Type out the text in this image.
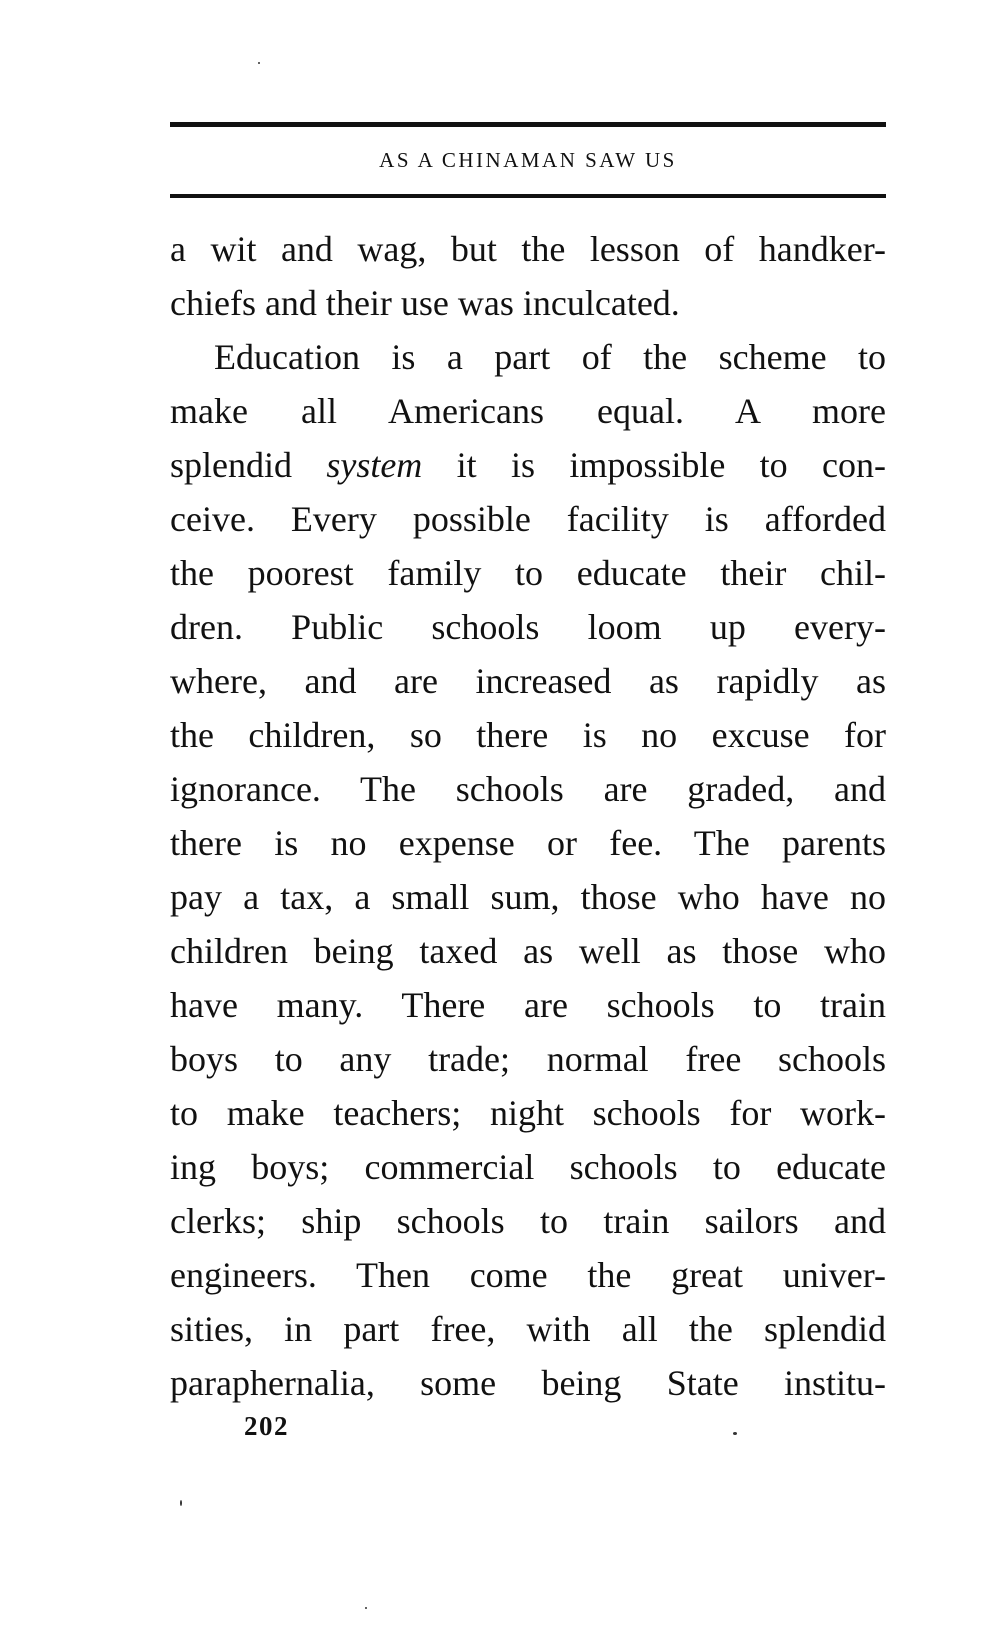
AS A CHINAMAN SAW US
a wit and wag, but the lesson of handker-
chiefs and their use was inculcated.
Education is a part of the scheme to
make all Americans equal. A more
splendid system it is impossible to con-
ceive. Every possible facility is afforded
the poorest family to educate their chil-
dren. Public schools loom up every-
where, and are increased as rapidly as
the children, so there is no excuse for
ignorance. The schools are graded, and
there is no expense or fee. The parents
pay a tax, a small sum, those who have no
children being taxed as well as those who
have many. There are schools to train
boys to any trade; normal free schools
to make teachers; night schools for work-
ing boys; commercial schools to educate
clerks; ship schools to train sailors and
engineers. Then come the great univer-
sities, in part free, with all the splendid
paraphernalia, some being State institu-
202
